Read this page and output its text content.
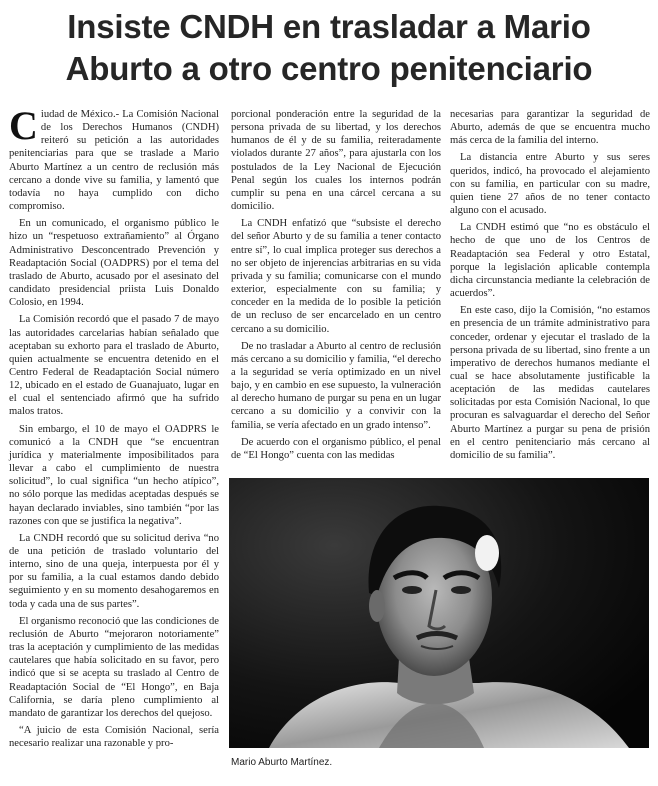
Insiste CNDH en trasladar a Mario
Aburto a otro centro penitenciario

Ciudad de México.- La Comisión Nacional de los Derechos Humanos (CNDH) reiteró su petición a las autoridades penitenciarias para que se traslade a Mario Aburto Martínez a un centro de reclusión más cercano a donde vive su familia, y lamentó que todavía no haya cumplido con dicho compromiso.

En un comunicado, el organismo público le hizo un “respetuoso extrañamiento” al Órgano Administrativo Desconcentrado Prevención y Readaptación Social (OADPRS) por el tema del traslado de Aburto, acusado por el asesinato del candidato presidencial priista Luis Donaldo Colosio, en 1994.

La Comisión recordó que el pasado 7 de mayo las autoridades carcelarias habían señalado que aceptaban su exhorto para el traslado de Aburto, quien actualmente se encuentra detenido en el Centro Federal de Readaptación Social número 12, ubicado en el estado de Guanajuato, lugar en el cual el sentenciado afirmó que ha sufrido malos tratos.

Sin embargo, el 10 de mayo el OADPRS le comunicó a la CNDH que “se encuentran jurídica y materialmente imposibilitados para llevar a cabo el cumplimiento de nuestra solicitud”, lo cual significa “un hecho atípico”, no sólo porque las medidas aceptadas después se hayan declarado inviables, sino también “por las razones con que se justifica la negativa”.

La CNDH recordó que su solicitud deriva “no de una petición de traslado voluntario del interno, sino de una queja, interpuesta por él y por su familia, a la cual estamos dando debido seguimiento y en su momento desahogaremos en toda y cada una de sus partes”.

El organismo reconoció que las condiciones de reclusión de Aburto “mejoraron notoriamente” tras la aceptación y cumplimiento de las medidas cautelares que había solicitado en su favor, pero indicó que si se acepta su traslado al Centro de Readaptación Social de “El Hongo”, en Baja California, se daría pleno cumplimiento al mandato de garantizar los derechos del quejoso.

“A juicio de esta Comisión Nacional, sería necesario realizar una razonable y pro-

porcional ponderación entre la seguridad de la persona privada de su libertad, y los derechos humanos de él y de su familia, reiteradamente violados durante 27 años”, para ajustarla con los postulados de la Ley Nacional de Ejecución Penal según los cuales los internos podrán cumplir su pena en una cárcel cercana a su domicilio.

La CNDH enfatizó que “subsiste el derecho del señor Aburto y de su familia a tener contacto entre sí”, lo cual implica proteger sus derechos a no ser objeto de injerencias arbitrarias en su vida privada y su familia; comunicarse con el mundo exterior, especialmente con su familia; y conceder en la medida de lo posible la petición de un recluso de ser encarcelado en un centro cercano a su domicilio.

De no trasladar a Aburto al centro de reclusión más cercano a su domicilio y familia, “el derecho a la seguridad se vería optimizado en un nivel bajo, y en cambio en ese supuesto, la vulneración al derecho humano de purgar su pena en un lugar cercano a su domicilio y a convivir con la familia, se vería afectado en un grado intenso”.

De acuerdo con el organismo público, el penal de “El Hongo” cuenta con las medidas

necesarias para garantizar la seguridad de Aburto, además de que se encuentra mucho más cerca de la familia del interno.

La distancia entre Aburto y sus seres queridos, indicó, ha provocado el alejamiento con su familia, en particular con su madre, quien tiene 27 años de no tener contacto alguno con el acusado.

La CNDH estimó que “no es obstáculo el hecho de que uno de los Centros de Readaptación sea Federal y otro Estatal, porque la legislación aplicable contempla dicha circunstancia mediante la celebración de acuerdos”.

En este caso, dijo la Comisión, “no estamos en presencia de un trámite administrativo para conceder, ordenar y ejecutar el traslado de la persona privada de su libertad, sino frente a un imperativo de derechos humanos mediante el cual se hace absolutamente justificable la aceptación de las medidas cautelares solicitadas por esta Comisión Nacional, lo que procuran es salvaguardar el derecho del Señor Aburto Martínez a purgar su pena de prisión en el centro penitenciario más cercano al domicilio de su familia”.

Mario Aburto Martínez.
